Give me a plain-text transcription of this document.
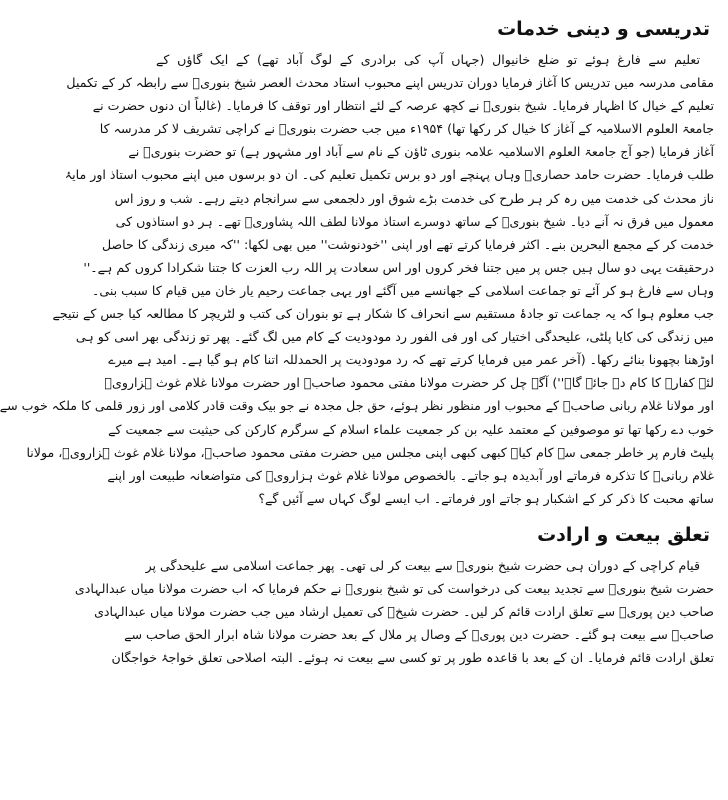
تدریسی و دینی خدمات
تعلیم سے فارغ ہوئے تو ضلع خانیوال (جہاں آپ کی برادری کے لوگ آباد تھے) کے ایک گاؤں کے
مقامی مدرسہ میں تدریس کا آغاز فرمایا دوران تدریس اپنے محبوب استاد محدث العصر شیخ بنوریؒ سے رابطہ کر کے تکمیل
تعلیم کے خیال کا اظہار فرمایا۔ شیخ بنوریؒ نے کچھ عرصہ کے لئے انتظار اور توقف کا فرمایا۔ (غالباً ان دنوں حضرت نے
جامعۃ العلوم الاسلامیہ کے آغاز کا خیال کر رکھا تھا) ۱۹۵۴ء میں جب حضرت بنوریؒ نے کراچی تشریف لا کر مدرسہ کا
آغاز فرمایا (جو آج جامعۃ العلوم الاسلامیہ علامہ بنوری ٹاؤن کے نام سے آباد اور مشہور ہے) تو حضرت بنوریؒ نے
طلب فرمایا۔ حضرت حامد حصاریؒ وہاں پہنچے اور دو برس تکمیل تعلیم کی۔ ان دو برسوں میں اپنے محبوب استاذ اور مایۂ
ناز محدث کی خدمت میں رہ کر ہر طرح کی خدمت بڑے شوق اور دلجمعی سے سرانجام دیتے رہے۔ شب و روز اس
معمول میں فرق نہ آنے دیا۔ شیخ بنوریؒ کے ساتھ دوسرے استاذ مولانا لطف اللہ پشاوریؒ تھے۔ ہر دو استاذوں کی
خدمت کر کے مجمع البحرین بنے۔ اکثر فرمایا کرتے تھے اور اپنی ''خودنوشت'' میں بھی لکھا: ''کہ میری زندگی کا حاصل
درحقیقت یہی دو سال ہیں جس پر میں جتنا فخر کروں اور اس سعادت پر اللہ رب العزت کا جتنا شکرادا کروں کم ہے۔''
وہاں سے فارغ ہو کر آئے تو جماعت اسلامی کے جھانسے میں آگئے اور یہی جماعت رحیم یار خان میں قیام کا سبب بنی۔
جب معلوم ہوا کہ یہ جماعت تو جادۂ مستقیم سے انحراف کا شکار ہے تو بنوران کی کتب و لٹریچر کا مطالعہ کیا جس کے نتیجے
میں زندگی کی کایا پلٹی، علیحدگی اختیار کی اور فی الفور رد مودودیت کے کام میں لگ گئے۔ پھر تو زندگی بھر اسی کو ہی
اوڑھنا بچھونا بنائے رکھا۔ (آخر عمر میں فرمایا کرتے تھے کہ رد مودودیت پر الحمدللہ اتنا کام ہو گیا ہے۔ امید ہے میرے
لئے کفارہ کا کام دے جائے گا۔'') آگے چل کر حضرت مولانا مفتی محمود صاحبؒ اور حضرت مولانا غلام غوث ہزارویؒ
اور مولانا غلام ربانی صاحبؒ کے محبوب اور منظور نظر ہوئے، حق جل مجدہ نے جو بیک وقت قادر کلامی اور زور قلمی کا ملکہ خوب سے
خوب دے رکھا تھا تو موصوفین کے معتمد علیہ بن کر جمعیت علماء اسلام کے سرگرم کارکن کی حیثیت سے جمعیت کے
پلیٹ فارم پر خاطر جمعی سے کام کیا۔ کبھی کبھی اپنی مجلس میں حضرت مفتی محمود صاحبؒ، مولانا غلام غوث ہزارویؒ، مولانا
غلام ربانیؒ کا تذکرہ فرماتے اور آبدیدہ ہو جاتے۔ بالخصوص مولانا غلام غوث ہزارویؒ کی متواضعانہ طبیعت اور اپنے
ساتھ محبت کا ذکر کر کے اشکبار ہو جاتے اور فرماتے۔ اب ایسے لوگ کہاں سے آئیں گے؟
تعلق بیعت و ارادت
قیام کراچی کے دوران ہی حضرت شیخ بنوریؒ سے بیعت کر لی تھی۔ پھر جماعت اسلامی سے علیحدگی پر
حضرت شیخ بنوریؒ سے تجدید بیعت کی درخواست کی تو شیخ بنوریؒ نے حکم فرمایا کہ اب حضرت مولانا میاں عبدالہادی
صاحب دین پوریؒ سے تعلق ارادت قائم کر لیں۔ حضرت شیخؒ کی تعمیل ارشاد میں جب حضرت مولانا میاں عبدالہادی
صاحبؒ سے بیعت ہو گئے۔ حضرت دین پوریؒ کے وصال پر ملال کے بعد حضرت مولانا شاہ ابرار الحق صاحب سے
تعلق ارادت قائم فرمایا۔ ان کے بعد با قاعدہ طور پر تو کسی سے بیعت نہ ہوئے۔ البتہ اصلاحی تعلق خواجۂ خواجگان
